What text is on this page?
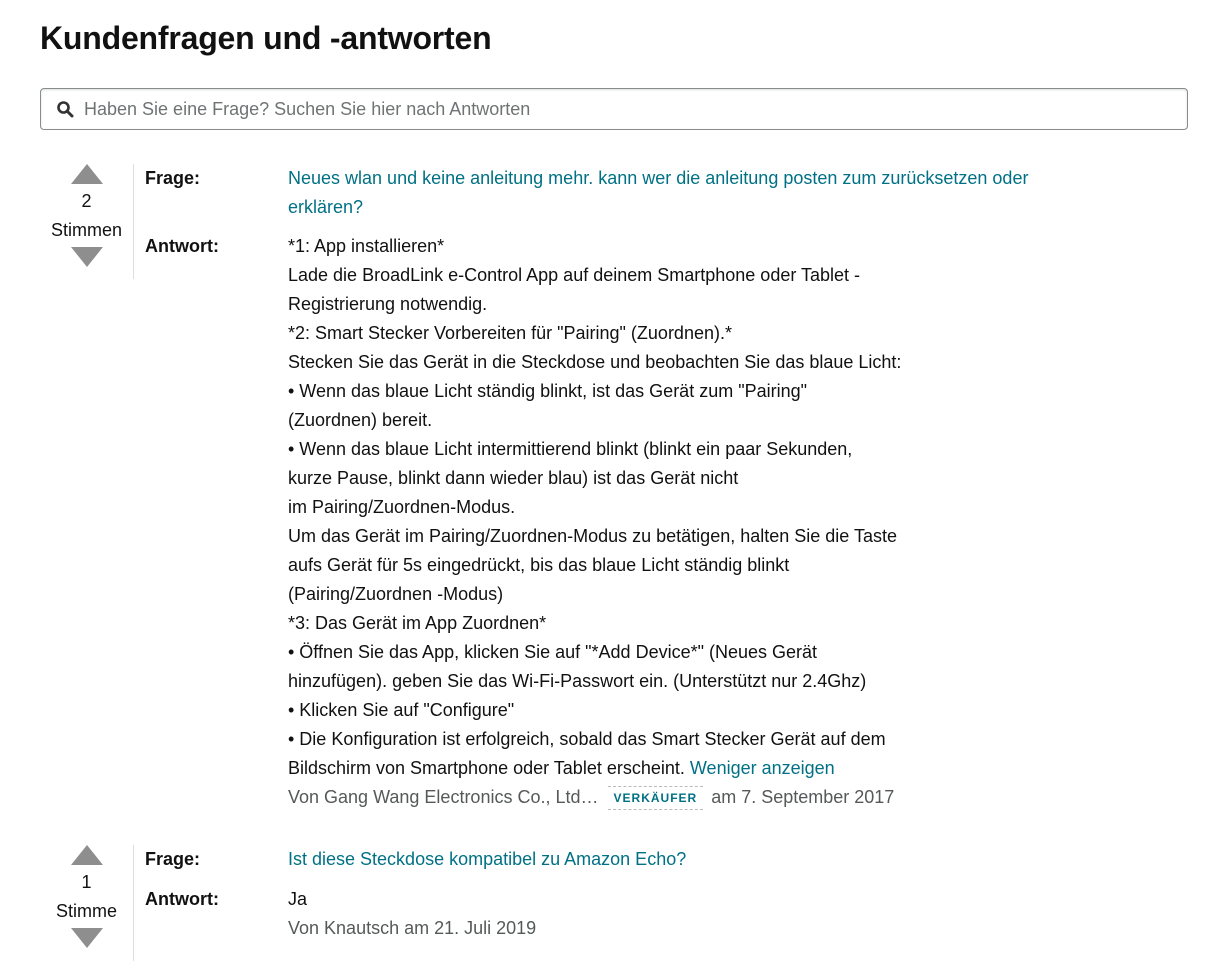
Kundenfragen und -antworten
Haben Sie eine Frage? Suchen Sie hier nach Antworten
2
Stimmen
Frage:	Neues wlan und keine anleitung mehr. kann wer die anleitung posten zum zurücksetzen oder
erklären?
Antwort:	*1: App installieren*
Lade die BroadLink e-Control App auf deinem Smartphone oder Tablet -
Registrierung notwendig.
*2: Smart Stecker Vorbereiten für "Pairing" (Zuordnen).*
Stecken Sie das Gerät in die Steckdose und beobachten Sie das blaue Licht:
• Wenn das blaue Licht ständig blinkt, ist das Gerät zum "Pairing"
(Zuordnen) bereit.
• Wenn das blaue Licht intermittierend blinkt (blinkt ein paar Sekunden,
kurze Pause, blinkt dann wieder blau) ist das Gerät nicht
im Pairing/Zuordnen-Modus.
Um das Gerät im Pairing/Zuordnen-Modus zu betätigen, halten Sie die Taste
aufs Gerät für 5s eingedrückt, bis das blaue Licht ständig blinkt
(Pairing/Zuordnen -Modus)
*3: Das Gerät im App Zuordnen*
• Öffnen Sie das App, klicken Sie auf "*Add Device*" (Neues Gerät
hinzufügen). geben Sie das Wi-Fi-Passwort ein. (Unterstützt nur 2.4Ghz)
• Klicken Sie auf "Configure"
• Die Konfiguration ist erfolgreich, sobald das Smart Stecker Gerät auf dem
Bildschirm von Smartphone oder Tablet erscheint. Weniger anzeigen
Von Gang Wang Electronics Co., Ltd… VERKÄUFER am 7. September 2017
1
Stimme
Frage:	Ist diese Steckdose kompatibel zu Amazon Echo?
Antwort:	Ja
Von Knautsch am 21. Juli 2019
